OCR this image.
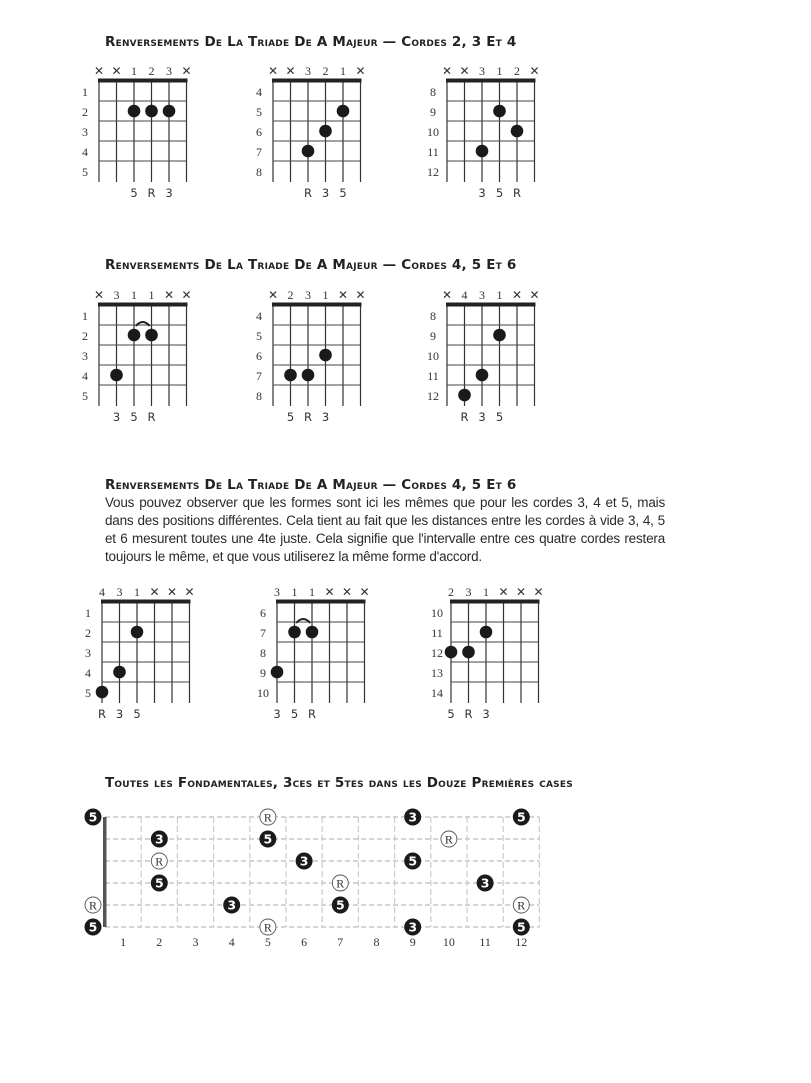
Renversements De La Triade De A Majeur — Cordes 2, 3 Et 4
Renversements De La Triade De A Majeur — Cordes 4, 5 Et 6
Renversements De La Triade De A Majeur — Cordes 4, 5 Et 6
Vous pouvez observer que les formes sont ici les mêmes que pour les cordes 3, 4 et 5, mais dans des positions différentes. Cela tient au fait que les distances entre les cordes à vide 3, 4, 5 et 6 mesurent toutes une 4te juste. Cela signifie que l'intervalle entre ces quatre cordes restera toujours le même, et que vous utiliserez la même forme d'accord.
Toutes les Fondamentales, 3ces et 5tes dans les Douze Premières cases
✕ ✕ 1 2 3 ✕
1
2
3
4
5
5 R 3
✕ ✕ 3 2 1 ✕
4
5
6
7
8
R 3 5
✕ ✕ 3 1 2 ✕
8
9
10
11
12
3 5 R
✕ 3 1 1 ✕ ✕
1
2
3
4
5
3 5 R
✕ 2 3 1 ✕ ✕
4
5
6
7
8
5 R 3
✕ 4 3 1 ✕ ✕
8
9
10
11
12
R 3 5
4 3 1 ✕ ✕ ✕
1
2
3
4
5
R 3 5
3 1 1 ✕ ✕ ✕
6
7
8
9
10
3 5 R
2 3 1 ✕ ✕ ✕
10
11
12
13
14
5 R 3
1	2	3	4	5	6	7	8	9 10 11 12
5	R	3	5
3	5	R
R	3	5
5	R	3
R	3	5	R
5	R	3	5
